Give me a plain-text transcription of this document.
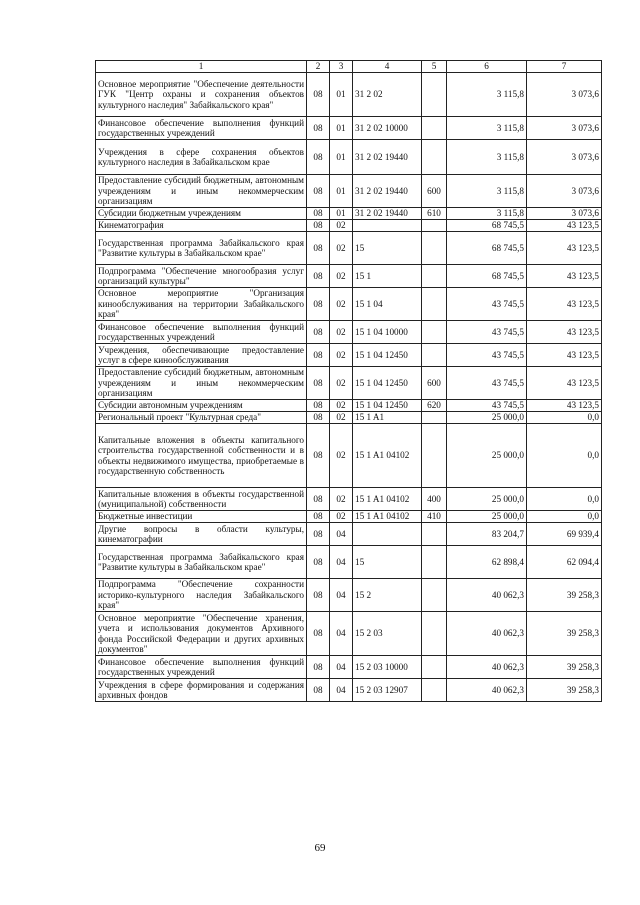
1	2	3	4	5	6	7
Основное мероприятие "Обеспечение деятельности ГУК "Центр охраны и сохранения объектов культурного наследия" Забайкальского края"	08	01	31 2 02		3 115,8	3 073,6
Финансовое обеспечение выполнения функций государственных учреждений	08	01	31 2 02 10000		3 115,8	3 073,6
Учреждения в сфере сохранения объектов культурного наследия в Забайкальском крае	08	01	31 2 02 19440		3 115,8	3 073,6
Предоставление субсидий бюджетным, автономным учреждениям и иным некоммерческим организациям	08	01	31 2 02 19440	600	3 115,8	3 073,6
Субсидии бюджетным учреждениям	08	01	31 2 02 19440	610	3 115,8	3 073,6
Кинематография	08	02			68 745,5	43 123,5
Государственная программа Забайкальского края "Развитие культуры в Забайкальском крае"	08	02	15		68 745,5	43 123,5
Подпрограмма "Обеспечение многообразия услуг организаций культуры"	08	02	15 1		68 745,5	43 123,5
Основное мероприятие "Организация кинообслуживания на территории Забайкальского края"	08	02	15 1 04		43 745,5	43 123,5
Финансовое обеспечение выполнения функций государственных учреждений	08	02	15 1 04 10000		43 745,5	43 123,5
Учреждения, обеспечивающие предоставление услуг в сфере кинообслуживания	08	02	15 1 04 12450		43 745,5	43 123,5
Предоставление субсидий бюджетным, автономным учреждениям и иным некоммерческим организациям	08	02	15 1 04 12450	600	43 745,5	43 123,5
Субсидии автономным учреждениям	08	02	15 1 04 12450	620	43 745,5	43 123,5
Региональный проект "Культурная среда"	08	02	15 1 A1		25 000,0	0,0
Капитальные вложения в объекты капитального строительства государственной собственности и в объекты недвижимого имущества, приобретаемые в государственную собственность	08	02	15 1 A1 04102		25 000,0	0,0
Капитальные вложения в объекты государственной (муниципальной) собственности	08	02	15 1 A1 04102	400	25 000,0	0,0
Бюджетные инвестиции	08	02	15 1 A1 04102	410	25 000,0	0,0
Другие вопросы в области культуры, кинематографии	08	04			83 204,7	69 939,4
Государственная программа Забайкальского края "Развитие культуры в Забайкальском крае"	08	04	15		62 898,4	62 094,4
Подпрограмма "Обеспечение сохранности историко-культурного наследия Забайкальского края"	08	04	15 2		40 062,3	39 258,3
Основное мероприятие "Обеспечение хранения, учета и использования документов Архивного фонда Российской Федерации и других архивных документов"	08	04	15 2 03		40 062,3	39 258,3
Финансовое обеспечение выполнения функций государственных учреждений	08	04	15 2 03 10000		40 062,3	39 258,3
Учреждения в сфере формирования и содержания архивных фондов	08	04	15 2 03 12907		40 062,3	39 258,3
69
